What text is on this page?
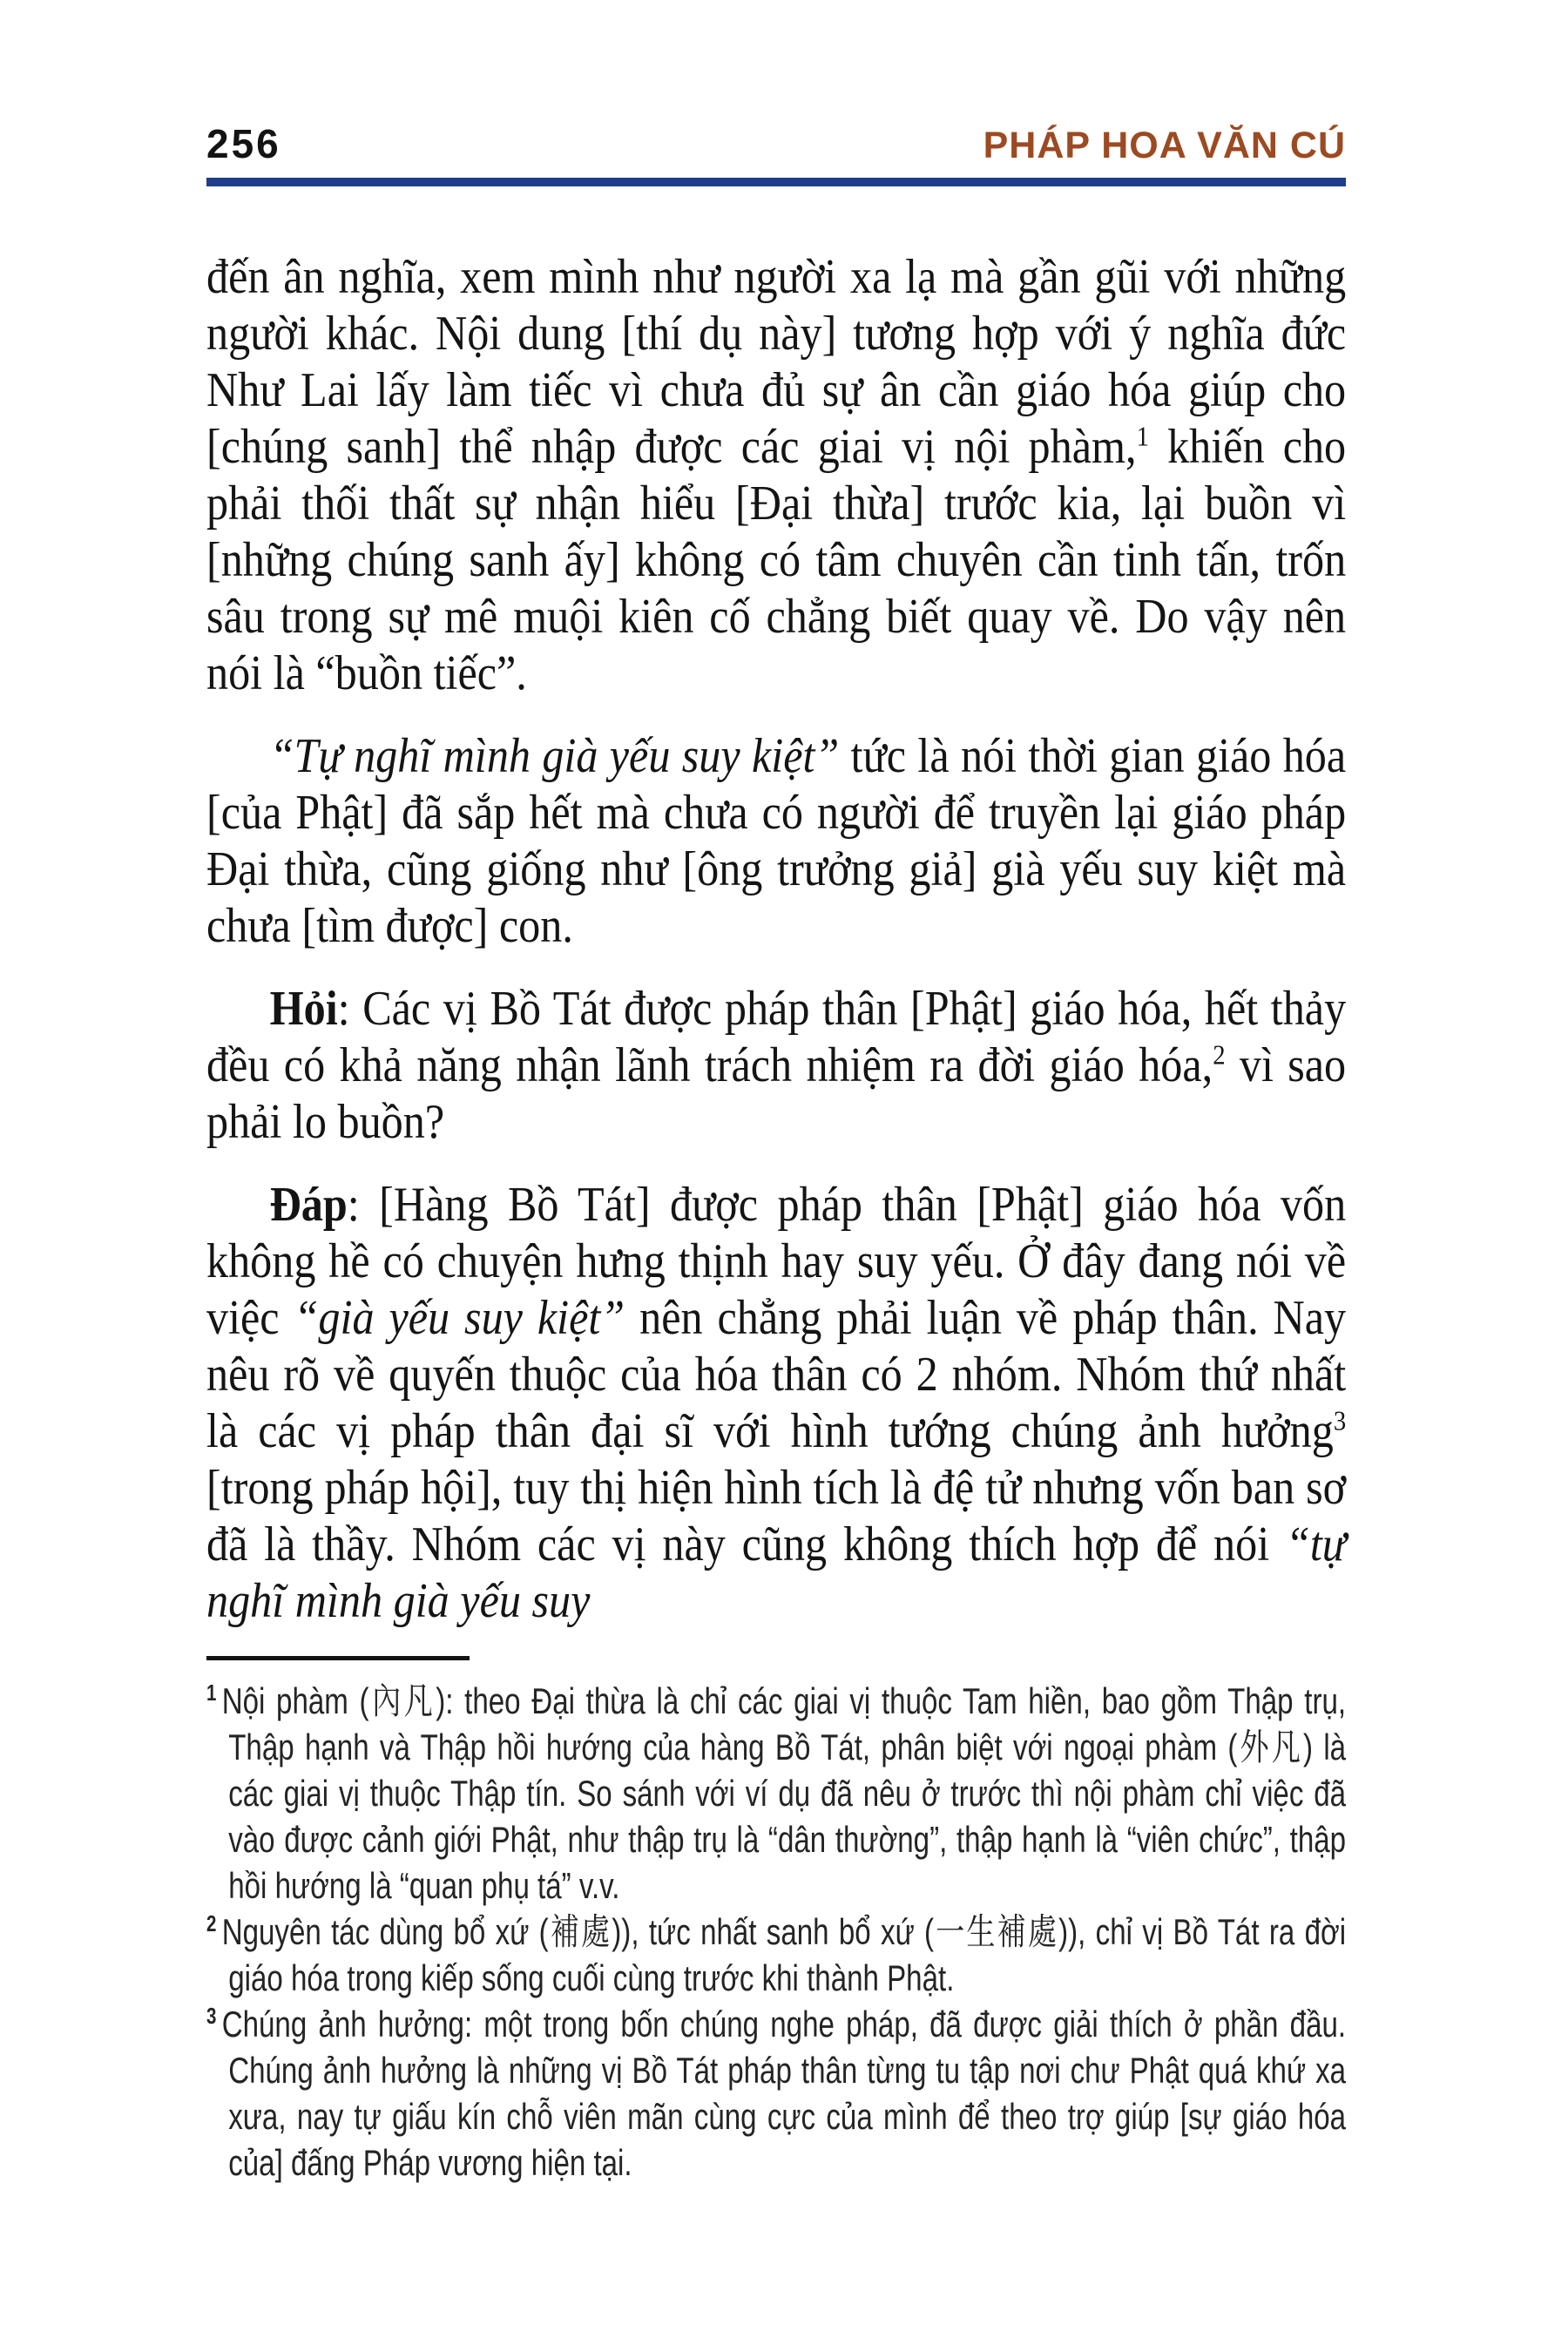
256	PHÁP HOA VĂN CÚ

đến ân nghĩa, xem mình như người xa lạ mà gần gũi với những người khác. Nội dung [thí dụ này] tương hợp với ý nghĩa đức Như Lai lấy làm tiếc vì chưa đủ sự ân cần giáo hóa giúp cho [chúng sanh] thể nhập được các giai vị nội phàm,$^1$ khiến cho phải thối thất sự nhận hiểu [Đại thừa] trước kia, lại buồn vì [những chúng sanh ấy] không có tâm chuyên cần tinh tấn, trốn sâu trong sự mê muội kiên cố chẳng biết quay về. Do vậy nên nói là “buồn tiếc”.

“Tự nghĩ mình già yếu suy kiệt” tức là nói thời gian giáo hóa [của Phật] đã sắp hết mà chưa có người để truyền lại giáo pháp Đại thừa, cũng giống như [ông trưởng giả] già yếu suy kiệt mà chưa [tìm được] con.

Hỏi: Các vị Bồ Tát được pháp thân [Phật] giáo hóa, hết thảy đều có khả năng nhận lãnh trách nhiệm ra đời giáo hóa,$^2$ vì sao phải lo buồn?

Đáp: [Hàng Bồ Tát] được pháp thân [Phật] giáo hóa vốn không hề có chuyện hưng thịnh hay suy yếu. Ở đây đang nói về việc “già yếu suy kiệt” nên chẳng phải luận về pháp thân. Nay nêu rõ về quyến thuộc của hóa thân có 2 nhóm. Nhóm thứ nhất là các vị pháp thân đại sĩ với hình tướng chúng ảnh hưởng$^3$ [trong pháp hội], tuy thị hiện hình tích là đệ tử nhưng vốn ban sơ đã là thầy. Nhóm các vị này cũng không thích hợp để nói “tự nghĩ mình già yếu suy

$^1$ Nội phàm (內凡): theo Đại thừa là chỉ các giai vị thuộc Tam hiền, bao gồm Thập trụ, Thập hạnh và Thập hồi hướng của hàng Bồ Tát, phân biệt với ngoại phàm (外凡) là các giai vị thuộc Thập tín. So sánh với ví dụ đã nêu ở trước thì nội phàm chỉ việc đã vào được cảnh giới Phật, như thập trụ là “dân thường”, thập hạnh là “viên chức”, thập hồi hướng là “quan phụ tá” v.v.

$^2$ Nguyên tác dùng bổ xứ (補處)), tức nhất sanh bổ xứ (一生補處)), chỉ vị Bồ Tát ra đời giáo hóa trong kiếp sống cuối cùng trước khi thành Phật.

$^3$ Chúng ảnh hưởng: một trong bốn chúng nghe pháp, đã được giải thích ở phần đầu. Chúng ảnh hưởng là những vị Bồ Tát pháp thân từng tu tập nơi chư Phật quá khứ xa xưa, nay tự giấu kín chỗ viên mãn cùng cực của mình để theo trợ giúp [sự giáo hóa của] đấng Pháp vương hiện tại.
